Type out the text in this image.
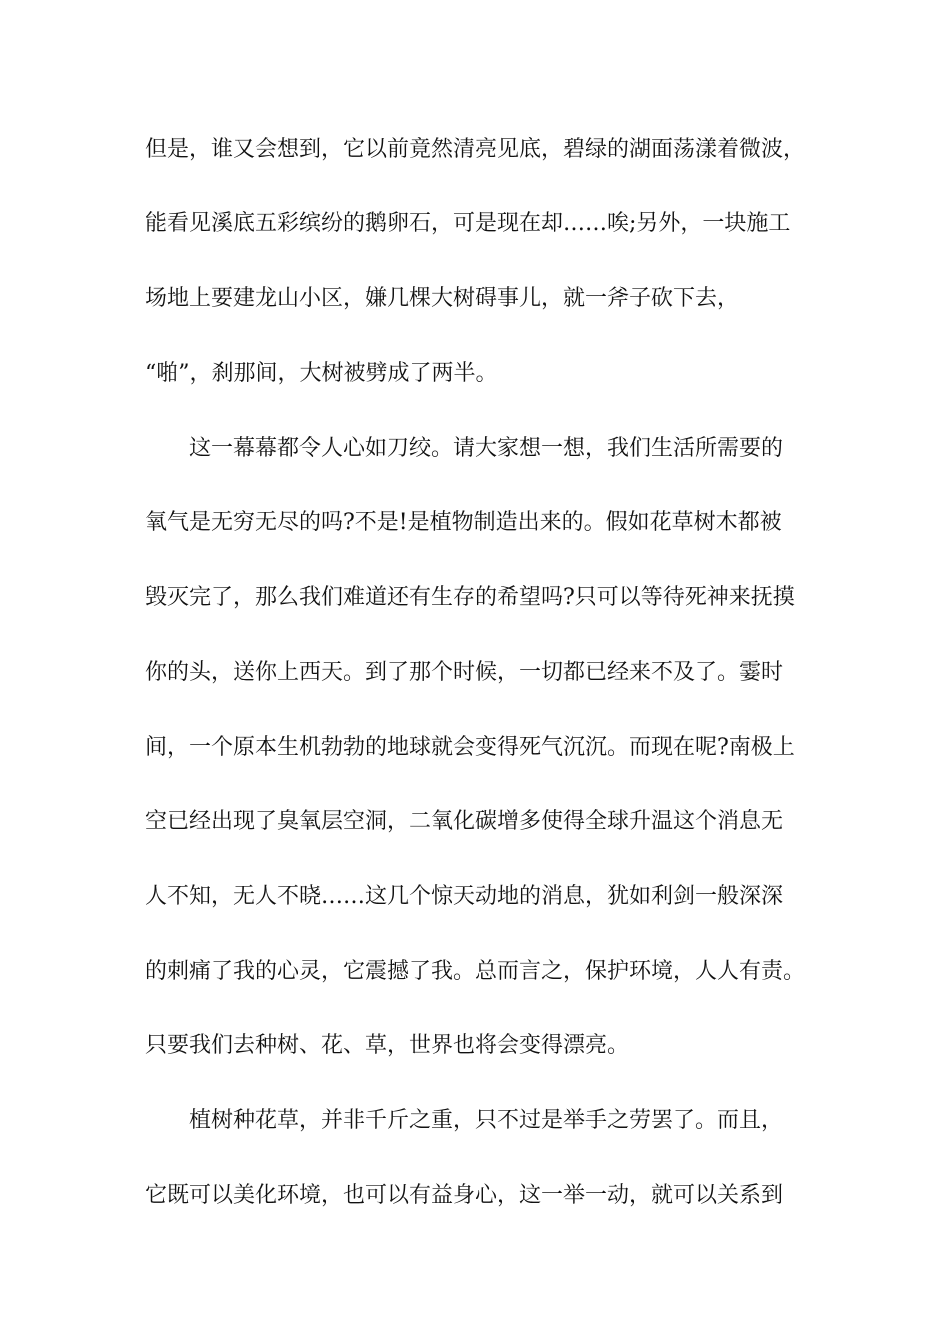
但是，谁又会想到，它以前竟然清亮见底，碧绿的湖面荡漾着微波，
能看见溪底五彩缤纷的鹅卵石，可是现在却……唉;另外，一块施工
场地上要建龙山小区，嫌几棵大树碍事儿，就一斧子砍下去，
“啪”，刹那间，大树被劈成了两半。
这一幕幕都令人心如刀绞。请大家想一想，我们生活所需要的
氧气是无穷无尽的吗?不是!是植物制造出来的。假如花草树木都被
毁灭完了，那么我们难道还有生存的希望吗?只可以等待死神来抚摸
你的头，送你上西天。到了那个时候，一切都已经来不及了。霎时
间，一个原本生机勃勃的地球就会变得死气沉沉。而现在呢?南极上
空已经出现了臭氧层空洞，二氧化碳增多使得全球升温这个消息无
人不知，无人不晓……这几个惊天动地的消息，犹如利剑一般深深
的刺痛了我的心灵，它震撼了我。总而言之，保护环境，人人有责。
只要我们去种树、花、草，世界也将会变得漂亮。
植树种花草，并非千斤之重，只不过是举手之劳罢了。而且，
它既可以美化环境，也可以有益身心，这一举一动，就可以关系到
